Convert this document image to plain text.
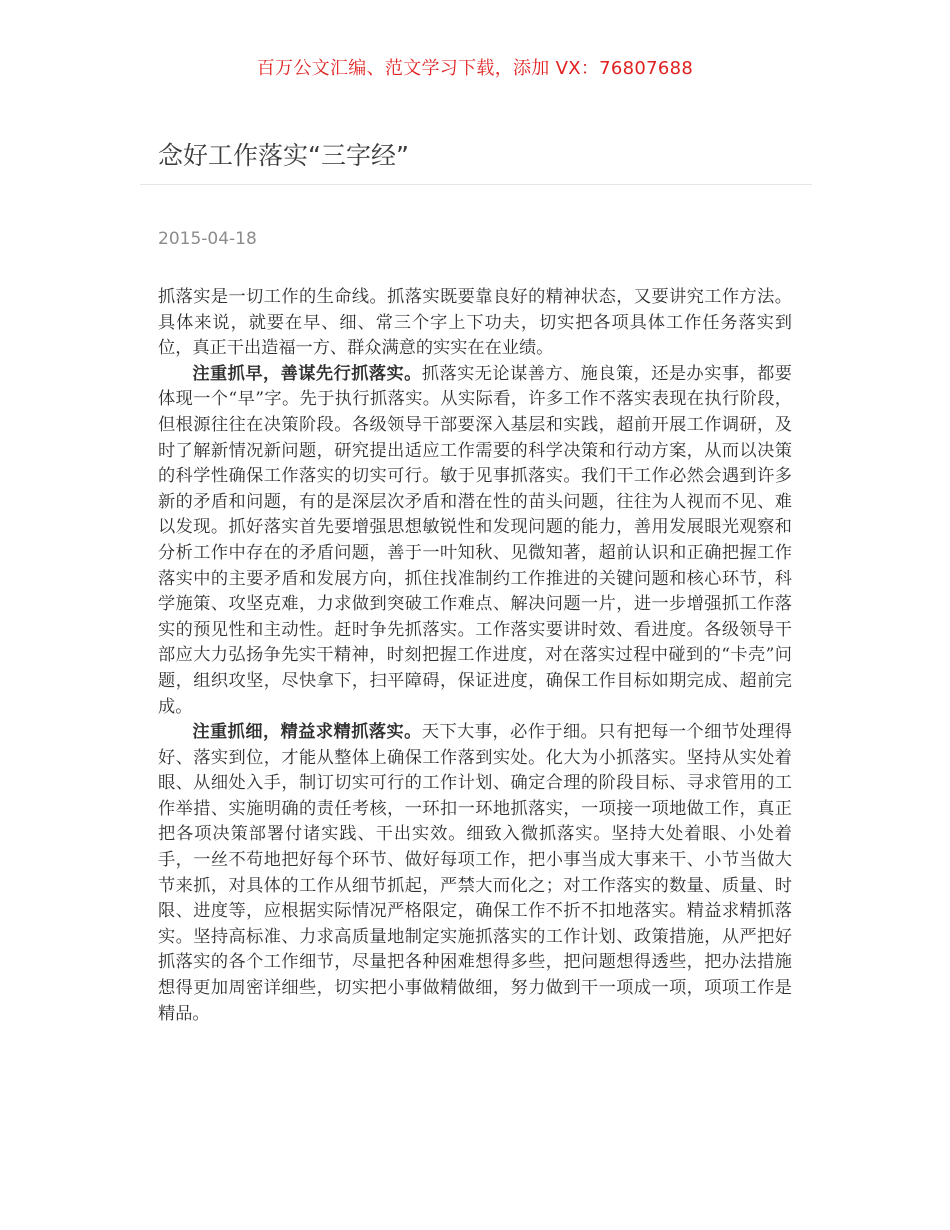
百万公文汇编、范文学习下载，添加 VX：76807688
念好工作落实“三字经”
2015-04-18

抓落实是一切工作的生命线。抓落实既要靠良好的精神状态，又要讲究工作方法。具体来说，就要在早、细、常三个字上下功夫，切实把各项具体工作任务落实到位，真正干出造福一方、群众满意的实实在在业绩。

注重抓早，善谋先行抓落实。抓落实无论谋善方、施良策，还是办实事，都要体现一个“早”字。先于执行抓落实。从实际看，许多工作不落实表现在执行阶段，但根源往往在决策阶段。各级领导干部要深入基层和实践，超前开展工作调研，及时了解新情况新问题，研究提出适应工作需要的科学决策和行动方案，从而以决策的科学性确保工作落实的切实可行。敏于见事抓落实。我们干工作必然会遇到许多新的矛盾和问题，有的是深层次矛盾和潜在性的苗头问题，往往为人视而不见、难以发现。抓好落实首先要增强思想敏锐性和发现问题的能力，善用发展眼光观察和分析工作中存在的矛盾问题，善于一叶知秋、见微知著，超前认识和正确把握工作落实中的主要矛盾和发展方向，抓住找准制约工作推进的关键问题和核心环节，科学施策、攻坚克难，力求做到突破工作难点、解决问题一片，进一步增强抓工作落实的预见性和主动性。赶时争先抓落实。工作落实要讲时效、看进度。各级领导干部应大力弘扬争先实干精神，时刻把握工作进度，对在落实过程中碰到的“卡壳”问题，组织攻坚，尽快拿下，扫平障碍，保证进度，确保工作目标如期完成、超前完成。

注重抓细，精益求精抓落实。天下大事，必作于细。只有把每一个细节处理得好、落实到位，才能从整体上确保工作落到实处。化大为小抓落实。坚持从实处着眼、从细处入手，制订切实可行的工作计划、确定合理的阶段目标、寻求管用的工作举措、实施明确的责任考核，一环扣一环地抓落实，一项接一项地做工作，真正把各项决策部署付诸实践、干出实效。细致入微抓落实。坚持大处着眼、小处着手，一丝不苟地把好每个环节、做好每项工作，把小事当成大事来干、小节当做大节来抓，对具体的工作从细节抓起，严禁大而化之；对工作落实的数量、质量、时限、进度等，应根据实际情况严格限定，确保工作不折不扣地落实。精益求精抓落实。坚持高标准、力求高质量地制定实施抓落实的工作计划、政策措施，从严把好抓落实的各个工作细节，尽量把各种困难想得多些，把问题想得透些，把办法措施想得更加周密详细些，切实把小事做精做细，努力做到干一项成一项，项项工作是精品。
